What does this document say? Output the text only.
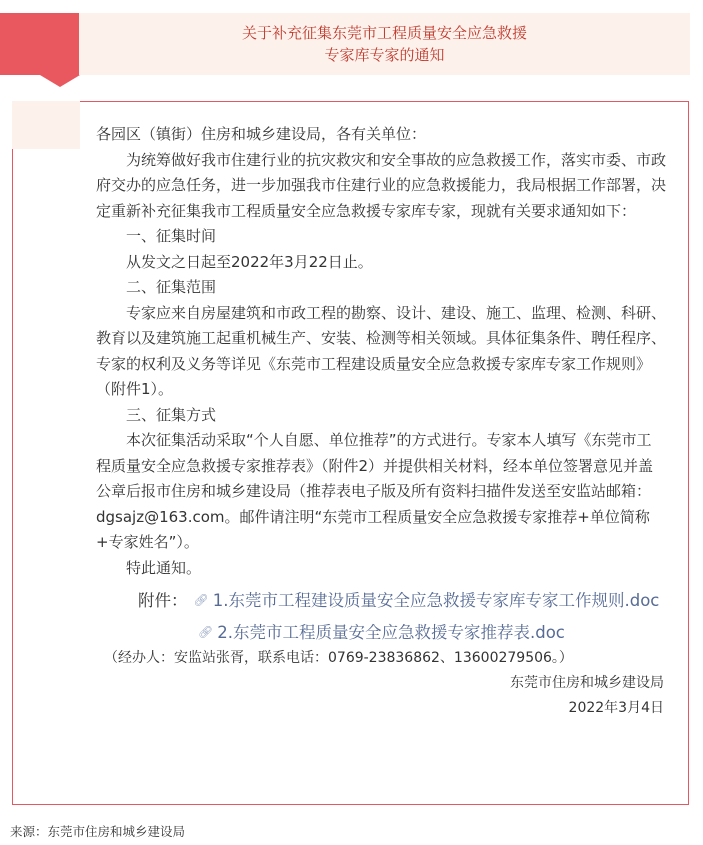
关于补充征集东莞市工程质量安全应急救援
专家库专家的通知

各园区（镇街）住房和城乡建设局，各有关单位：

为统筹做好我市住建行业的抗灾救灾和安全事故的应急救援工作，落实市委、市政府交办的应急任务，进一步加强我市住建行业的应急救援能力，我局根据工作部署，决定重新补充征集我市工程质量安全应急救援专家库专家，现就有关要求通知如下：

一、征集时间

从发文之日起至2022年3月22日止。

二、征集范围

专家应来自房屋建筑和市政工程的勘察、设计、建设、施工、监理、检测、科研、教育以及建筑施工起重机械生产、安装、检测等相关领域。具体征集条件、聘任程序、专家的权利及义务等详见《东莞市工程建设质量安全应急救援专家库专家工作规则》（附件1）。

三、征集方式

本次征集活动采取“个人自愿、单位推荐”的方式进行。专家本人填写《东莞市工程质量安全应急救援专家推荐表》（附件2）并提供相关材料，经本单位签署意见并盖公章后报市住房和城乡建设局（推荐表电子版及所有资料扫描件发送至安监站邮箱：dgsajz@163.com。邮件请注明“东莞市工程质量安全应急救援专家推荐+单位简称+专家姓名”）。

特此通知。

附件： 🔗︎ 1.东莞市工程建设质量安全应急救援专家库专家工作规则.doc
🔗︎ 2.东莞市工程质量安全应急救援专家推荐表.doc

（经办人：安监站张胥，联系电话：0769-23836862、13600279506。）

东莞市住房和城乡建设局

2022年3月4日

来源：东莞市住房和城乡建设局
